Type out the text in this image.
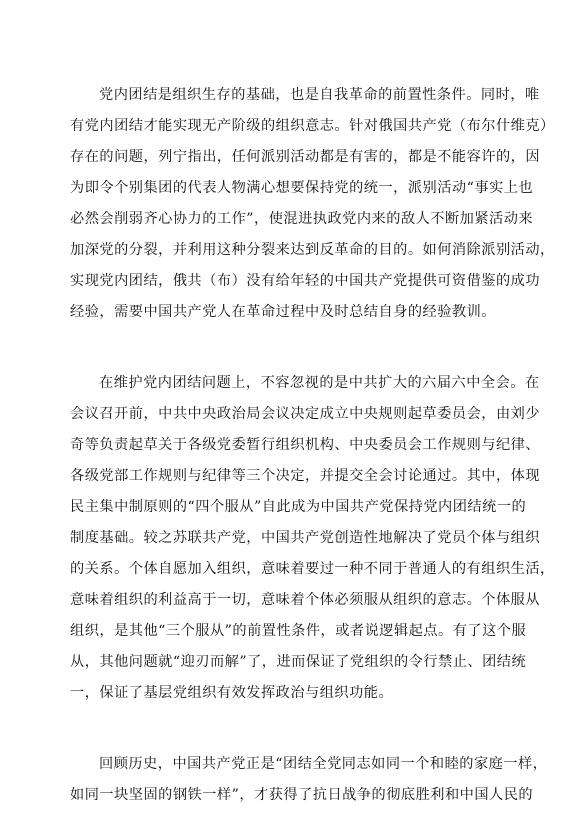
党内团结是组织生存的基础，也是自我革命的前置性条件。同时，唯
有党内团结才能实现无产阶级的组织意志。针对俄国共产党（布尔什维克）
存在的问题，列宁指出，任何派别活动都是有害的，都是不能容许的，因
为即令个别集团的代表人物满心想要保持党的统一，派别活动“事实上也
必然会削弱齐心协力的工作”，使混进执政党内来的敌人不断加紧活动来
加深党的分裂，并利用这种分裂来达到反革命的目的。如何消除派别活动，
实现党内团结，俄共（布）没有给年轻的中国共产党提供可资借鉴的成功
经验，需要中国共产党人在革命过程中及时总结自身的经验教训。

在维护党内团结问题上，不容忽视的是中共扩大的六届六中全会。在
会议召开前，中共中央政治局会议决定成立中央规则起草委员会，由刘少
奇等负责起草关于各级党委暂行组织机构、中央委员会工作规则与纪律、
各级党部工作规则与纪律等三个决定，并提交全会讨论通过。其中，体现
民主集中制原则的“四个服从”自此成为中国共产党保持党内团结统一的
制度基础。较之苏联共产党，中国共产党创造性地解决了党员个体与组织
的关系。个体自愿加入组织，意味着要过一种不同于普通人的有组织生活，
意味着组织的利益高于一切，意味着个体必须服从组织的意志。个体服从
组织，是其他“三个服从”的前置性条件，或者说逻辑起点。有了这个服
从，其他问题就“迎刃而解”了，进而保证了党组织的令行禁止、团结统
一，保证了基层党组织有效发挥政治与组织功能。

回顾历史，中国共产党正是“团结全党同志如同一个和睦的家庭一样，
如同一块坚固的钢铁一样”，才获得了抗日战争的彻底胜利和中国人民的
